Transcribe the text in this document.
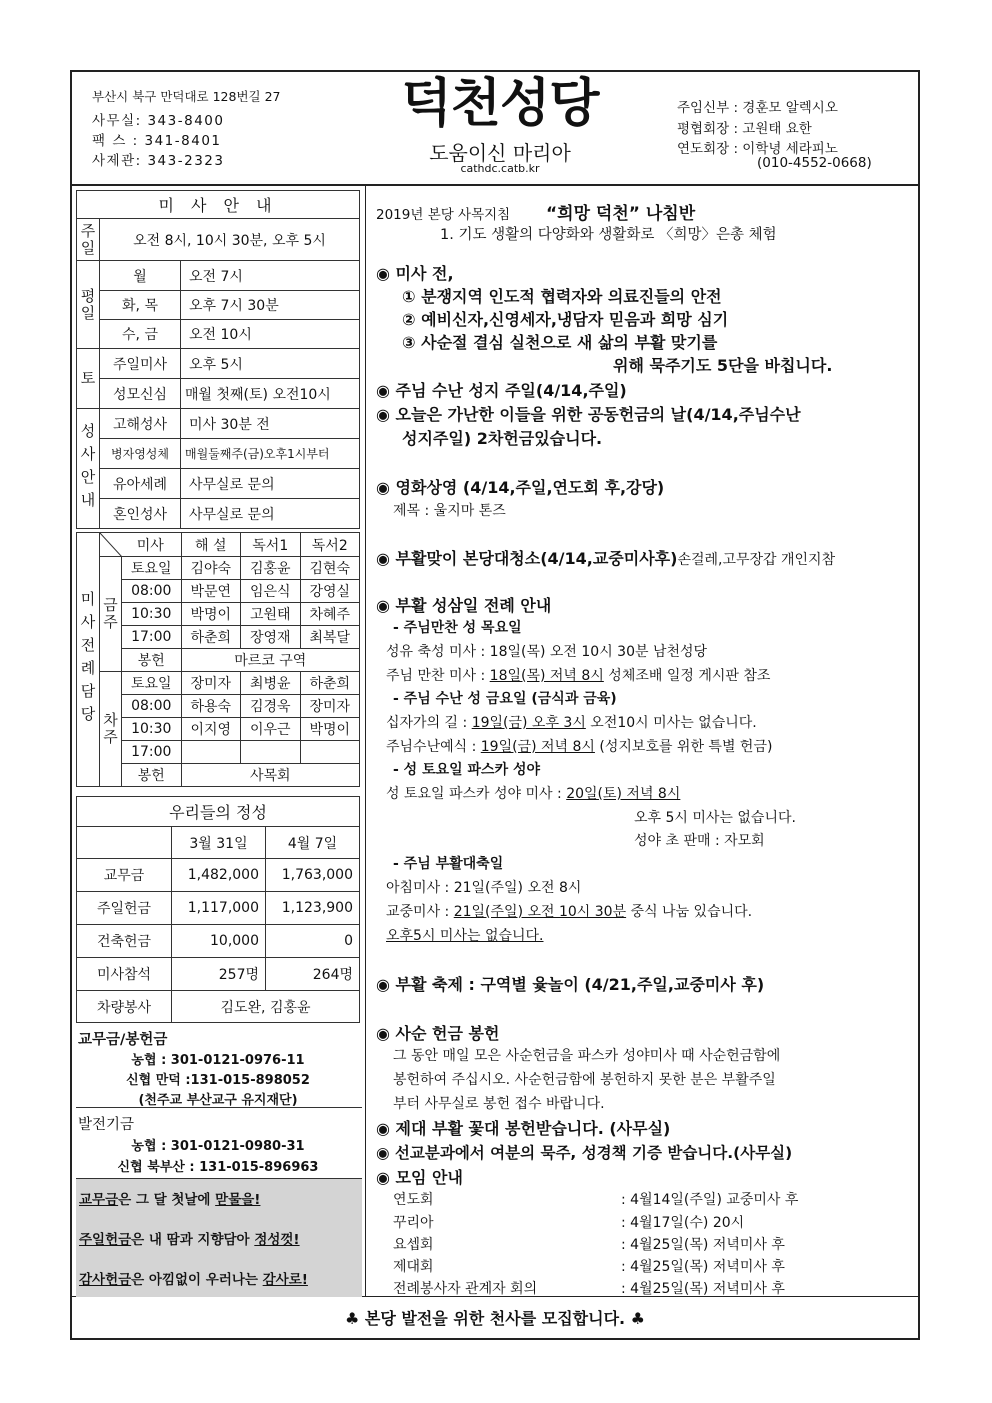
부산시 북구 만덕대로 128번길 27
사무실: 343-8400
팩 스 : 341-8401
사제관: 343-2323
덕천성당
도움이신 마리아
cathdc.catb.kr
주임신부 : 경훈모 알렉시오
평협회장 : 고원태 요한
연도회장 : 이학녕 세라피노
(010-4552-0668)
미 사 안 내		
주일	오전 8시, 10시 30분, 오후 5시	
평일	월	오전 7시
	화, 목	오후 7시 30분
	수, 금	오전 10시
토	주일미사	오후 5시
	성모신심	매월 첫째(토) 오전10시
성사안내	고해성사	미사 30분 전
	병자영성체	매월둘째주(금)오후1시부터
	유아세례	사무실로 문의
	혼인성사	사무실로 문의
미사전례담당	미사		해 설	독서1	독서2
	금주	토요일	김야숙	김홍윤	김현숙
		08:00	박문연	임은식	강영실
		10:30	박명이	고원태	차혜주
		17:00	하춘희	장영재	최복달
		봉헌	마르코 구역		
	차주	토요일	장미자	최병윤	하춘희
		08:00	하용숙	김경욱	장미자
		10:30	이지영	이우근	박명이
		17:00			
		봉헌	사목회		
우리들의 정성		
	3월 31일	4월 7일
교무금	1,482,000	1,763,000
주일헌금	1,117,000	1,123,900
건축헌금	10,000	0
미사참석	257명	264명
차량봉사	김도완, 김홍윤	
교무금/봉헌금
농협 : 301-0121-0976-11
신협 만덕 :131-015-898052
(천주교 부산교구 유지재단)
발전기금
농협 : 301-0121-0980-31
신협 북부산 : 131-015-896963
교무금은 그 달 첫날에 맏물을!
주일헌금은 내 땀과 지향담아 정성껏!
감사헌금은 아낌없이 우러나는 감사로!
2019년 본당 사목지침 “희망 덕천” 나침반
1. 기도 생활의 다양화와 생활화로 〈희망〉은총 체험
◉ 미사 전,
① 분쟁지역 인도적 협력자와 의료진들의 안전
② 예비신자,신영세자,냉담자 믿음과 희망 심기
③ 사순절 결심 실천으로 새 삶의 부활 맞기를
위해 묵주기도 5단을 바칩니다.
◉ 주님 수난 성지 주일(4/14,주일)
◉ 오늘은 가난한 이들을 위한 공동헌금의 날(4/14,주님수난
성지주일) 2차헌금있습니다.
◉ 영화상영 (4/14,주일,연도회 후,강당)
제목 : 울지마 톤즈
◉ 부활맞이 본당대청소(4/14,교중미사후)손걸레,고무장갑 개인지참
◉ 부활 성삼일 전례 안내
- 주님만찬 성 목요일
성유 축성 미사 : 18일(목) 오전 10시 30분 남천성당
주님 만찬 미사 : 18일(목) 저녁 8시 성체조배 일정 게시판 참조
- 주님 수난 성 금요일 (금식과 금육)
십자가의 길 : 19일(금) 오후 3시 오전10시 미사는 없습니다.
주님수난예식 : 19일(금) 저녁 8시 (성지보호를 위한 특별 헌금)
- 성 토요일 파스카 성야
성 토요일 파스카 성야 미사 : 20일(토) 저녁 8시
오후 5시 미사는 없습니다.
성야 초 판매 : 자모회
- 주님 부활대축일
아침미사 : 21일(주일) 오전 8시
교중미사 : 21일(주일) 오전 10시 30분 중식 나눔 있습니다.
오후5시 미사는 없습니다.
◉ 부활 축제 : 구역별 윷놀이 (4/21,주일,교중미사 후)
◉ 사순 헌금 봉헌
그 동안 매일 모은 사순헌금을 파스카 성야미사 때 사순헌금함에
봉헌하여 주십시오. 사순헌금함에 봉헌하지 못한 분은 부활주일
부터 사무실로 봉헌 접수 바랍니다.
◉ 제대 부활 꽃대 봉헌받습니다. (사무실)
◉ 선교분과에서 여분의 묵주, 성경책 기증 받습니다.(사무실)
◉ 모임 안내
연도회	: 4월14일(주일) 교중미사 후
꾸리아	: 4월17일(수) 20시
요셉회	: 4월25일(목) 저녁미사 후
제대회	: 4월25일(목) 저녁미사 후
전례봉사자 관계자 회의	: 4월25일(목) 저녁미사 후
♣ 본당 발전을 위한 천사를 모집합니다. ♣
